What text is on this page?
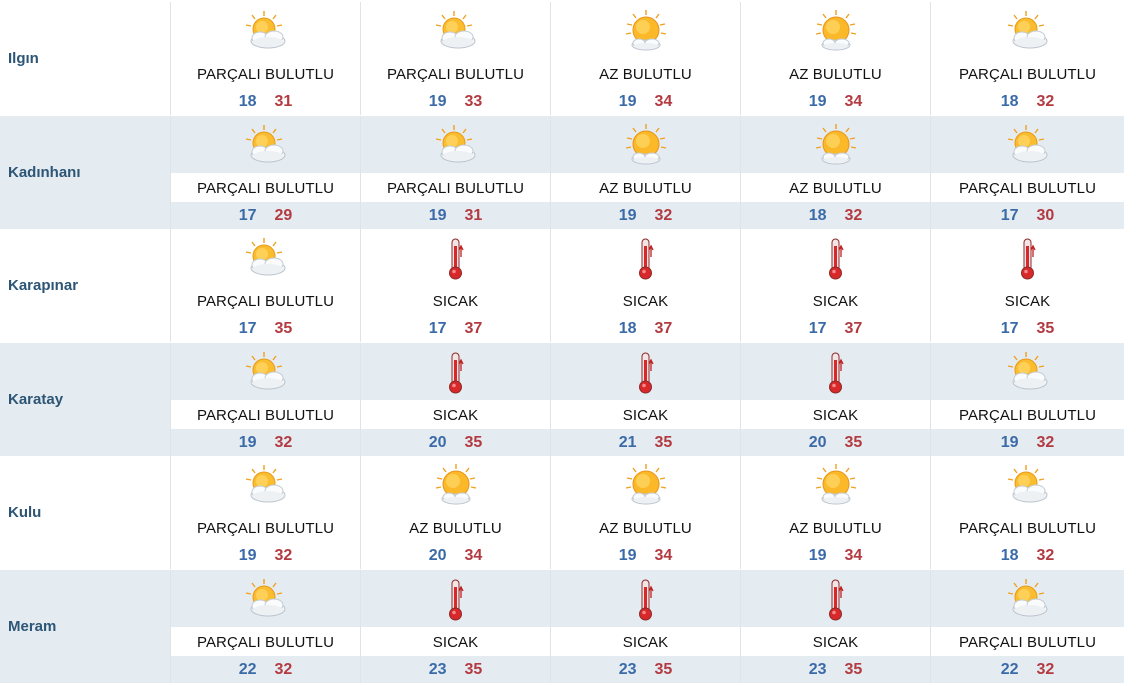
Ilgın
PARÇALI BULUTLU
18 31
PARÇALI BULUTLU
19 33
AZ BULUTLU
19 34
AZ BULUTLU
19 34
PARÇALI BULUTLU
18 32
Kadınhanı
PARÇALI BULUTLU
17 29
PARÇALI BULUTLU
19 31
AZ BULUTLU
19 32
AZ BULUTLU
18 32
PARÇALI BULUTLU
17 30
Karapınar
PARÇALI BULUTLU
17 35
SICAK
17 37
SICAK
18 37
SICAK
17 37
SICAK
17 35
Karatay
PARÇALI BULUTLU
19 32
SICAK
20 35
SICAK
21 35
SICAK
20 35
PARÇALI BULUTLU
19 32
Kulu
PARÇALI BULUTLU
19 32
AZ BULUTLU
20 34
AZ BULUTLU
19 34
AZ BULUTLU
19 34
PARÇALI BULUTLU
18 32
Meram
PARÇALI BULUTLU
22 32
SICAK
23 35
SICAK
23 35
SICAK
23 35
PARÇALI BULUTLU
22 32
